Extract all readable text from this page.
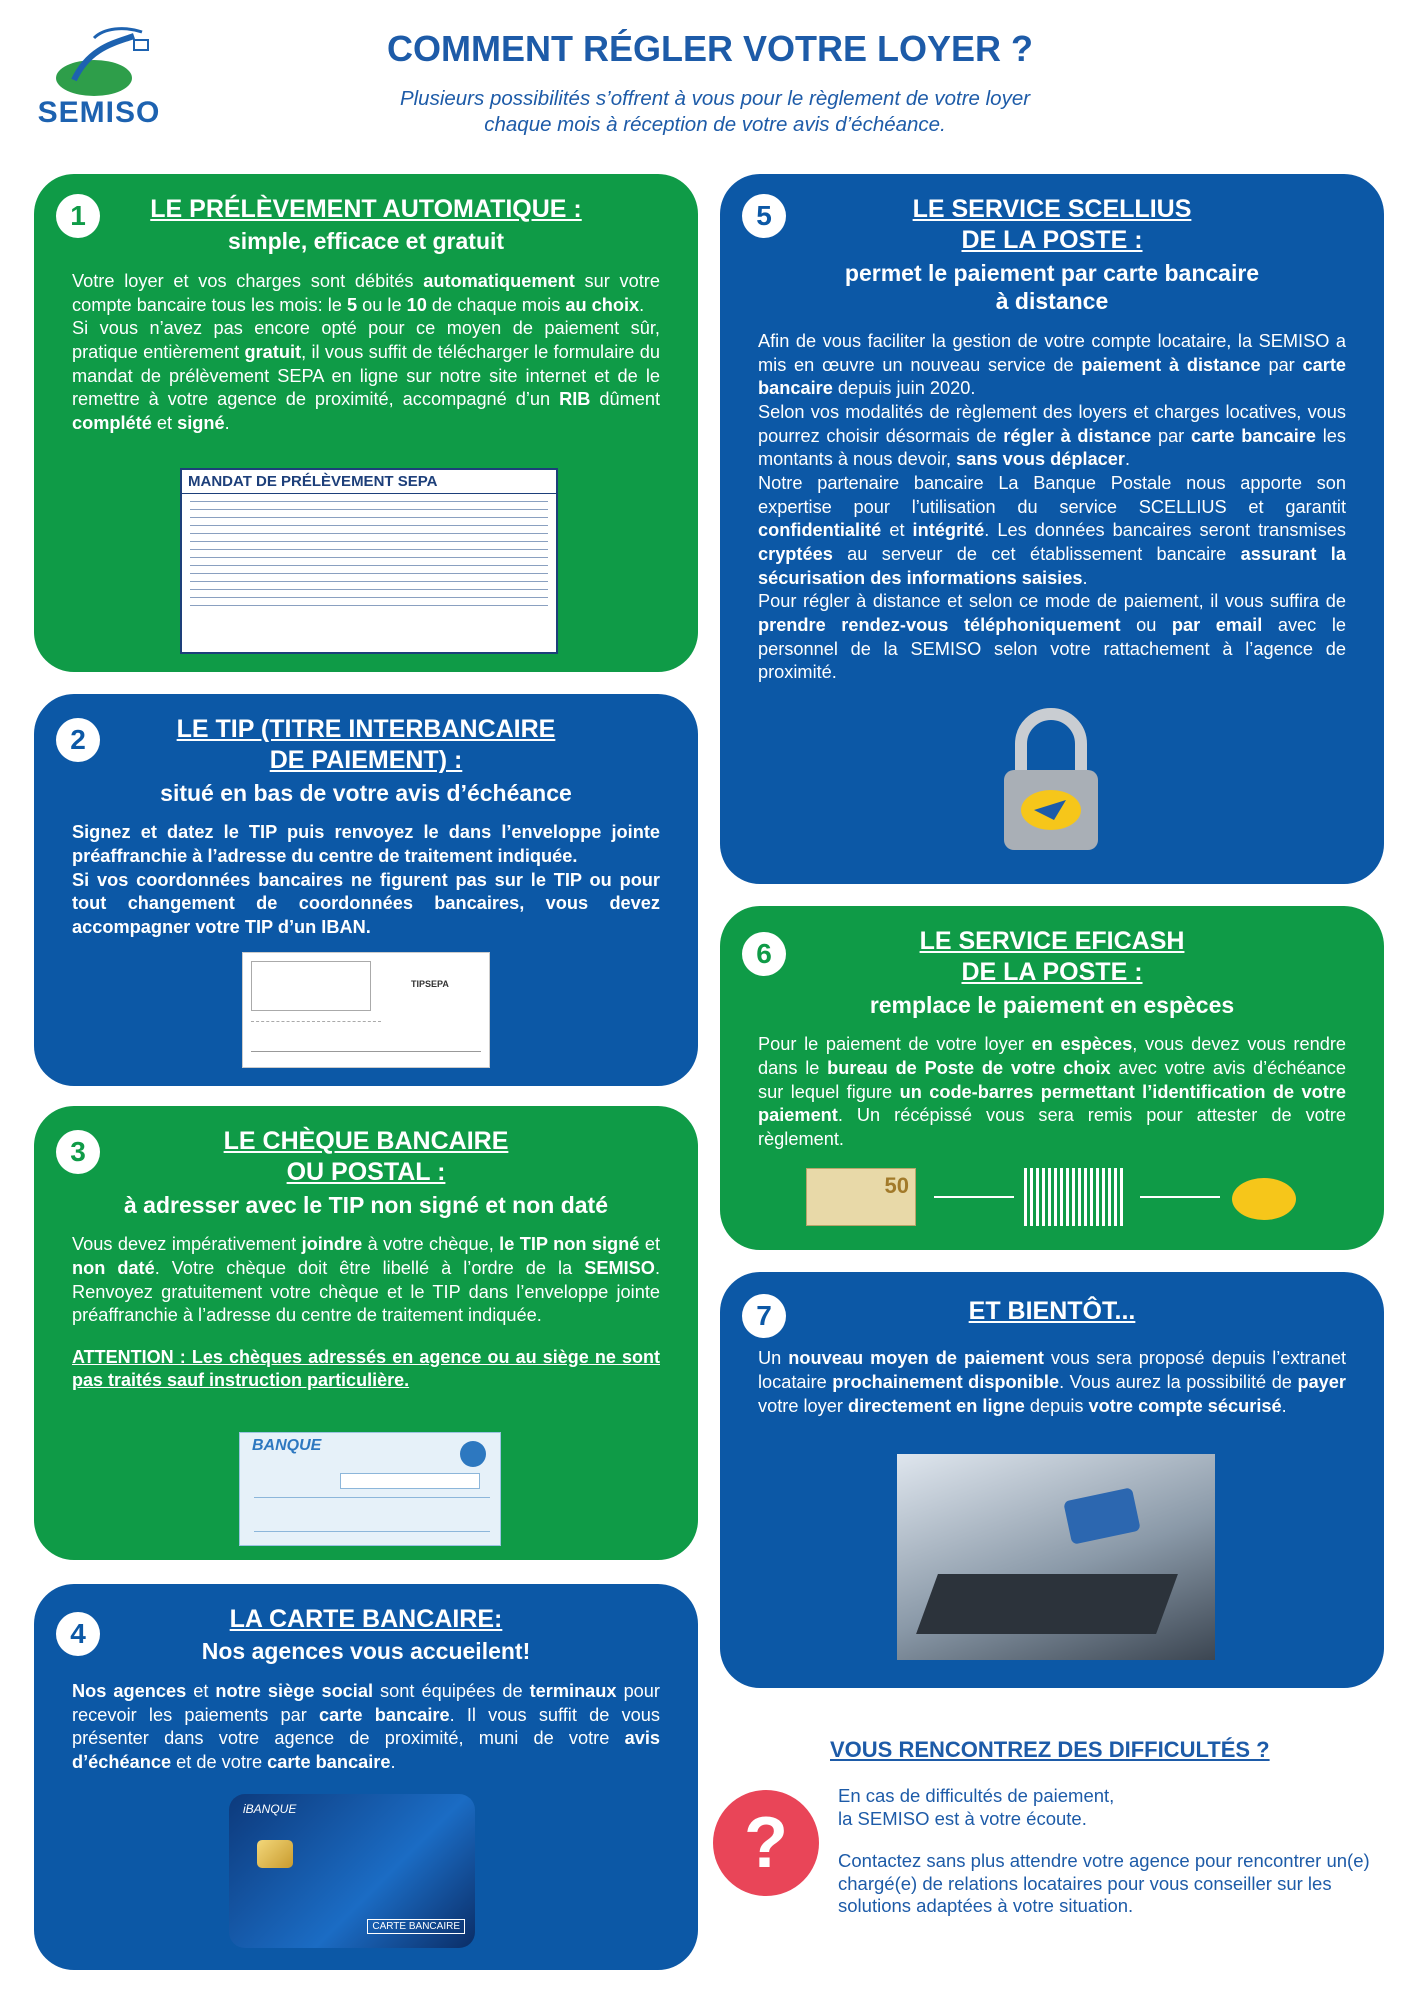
SEMISO
COMMENT RÉGLER VOTRE LOYER ?
Plusieurs possibilités s’offrent à vous pour le règlement de votre loyer
chaque mois à réception de votre avis d’échéance.
1	LE PRÉLÈVEMENT AUTOMATIQUE :
simple, efficace et gratuit

Votre loyer et vos charges sont débités automatiquement sur votre compte bancaire tous les mois: le 5 ou le 10 de chaque mois au choix.

Si vous n’avez pas encore opté pour ce moyen de paiement sûr, pratique entièrement gratuit, il vous suffit de télécharger le formulaire du mandat de prélèvement SEPA en ligne sur notre site internet et de le remettre à votre agence de proximité, accompagné d’un RIB dûment complété et signé.

MANDAT DE PRÉLÈVEMENT SEPA
2	LE TIP (TITRE INTERBANCAIRE
DE PAIEMENT) :
situé en bas de votre avis d’échéance

Signez et datez le TIP puis renvoyez le dans l’enveloppe jointe préaffranchie à l’adresse du centre de traitement indiquée.

Si vos coordonnées bancaires ne figurent pas sur le TIP ou pour tout changement de coordonnées bancaires, vous devez accompagner votre TIP d’un IBAN.

TIPSEPA
3	LE CHÈQUE BANCAIRE
OU POSTAL :
à adresser avec le TIP non signé et non daté

Vous devez impérativement joindre à votre chèque, le TIP non signé et non daté. Votre chèque doit être libellé à l’ordre de la SEMISO. Renvoyez gratuitement votre chèque et le TIP dans l’enveloppe jointe préaffranchie à l’adresse du centre de traitement indiquée.

ATTENTION : Les chèques adressés en agence ou au siège ne sont pas traités sauf instruction particulière.
BANQUE
4	LA CARTE BANCAIRE:
Nos agences vous accueilent!

Nos agences et notre siège social sont équipées de terminaux pour recevoir les paiements par carte bancaire. Il vous suffit de vous présenter dans votre agence de proximité, muni de votre avis d’échéance et de votre carte bancaire.

iBANQUE
CARTE BANCAIRE
5	LE SERVICE SCELLIUS
DE LA POSTE :
permet le paiement par carte bancaire
à distance

Afin de vous faciliter la gestion de votre compte locataire, la SEMISO a mis en œuvre un nouveau service de paiement à distance par carte bancaire depuis juin 2020.

Selon vos modalités de règlement des loyers et charges locatives, vous pourrez choisir désormais de régler à distance par carte bancaire les montants à nous devoir, sans vous déplacer.

Notre partenaire bancaire La Banque Postale nous apporte son expertise pour l’utilisation du service SCELLIUS et garantit confidentialité et intégrité. Les données bancaires seront transmises cryptées au serveur de cet établissement bancaire assurant la sécurisation des informations saisies.

Pour régler à distance et selon ce mode de paiement, il vous suffira de prendre rendez-vous téléphoniquement ou par email avec le personnel de la SEMISO selon votre rattachement à l’agence de proximité.

6	LE SERVICE EFICASH
DE LA POSTE :
remplace le paiement en espèces

Pour le paiement de votre loyer en espèces, vous devez vous rendre dans le bureau de Poste de votre choix avec votre avis d’échéance sur lequel figure un code-barres permettant l’identification de votre paiement. Un récépissé vous sera remis pour attester de votre règlement.

50
7	ET BIENTÔT...

Un nouveau moyen de paiement vous sera proposé depuis l’extranet locataire prochainement disponible. Vous aurez la possibilité de payer votre loyer directement en ligne depuis votre compte sécurisé.

VOUS RENCONTREZ DES DIFFICULTÉS ?
?

En cas de difficultés de paiement,
la SEMISO est à votre écoute.

Contactez sans plus attendre votre agence pour rencontrer un(e) chargé(e) de relations locataires pour vous conseiller sur les solutions adaptées à votre situation.
